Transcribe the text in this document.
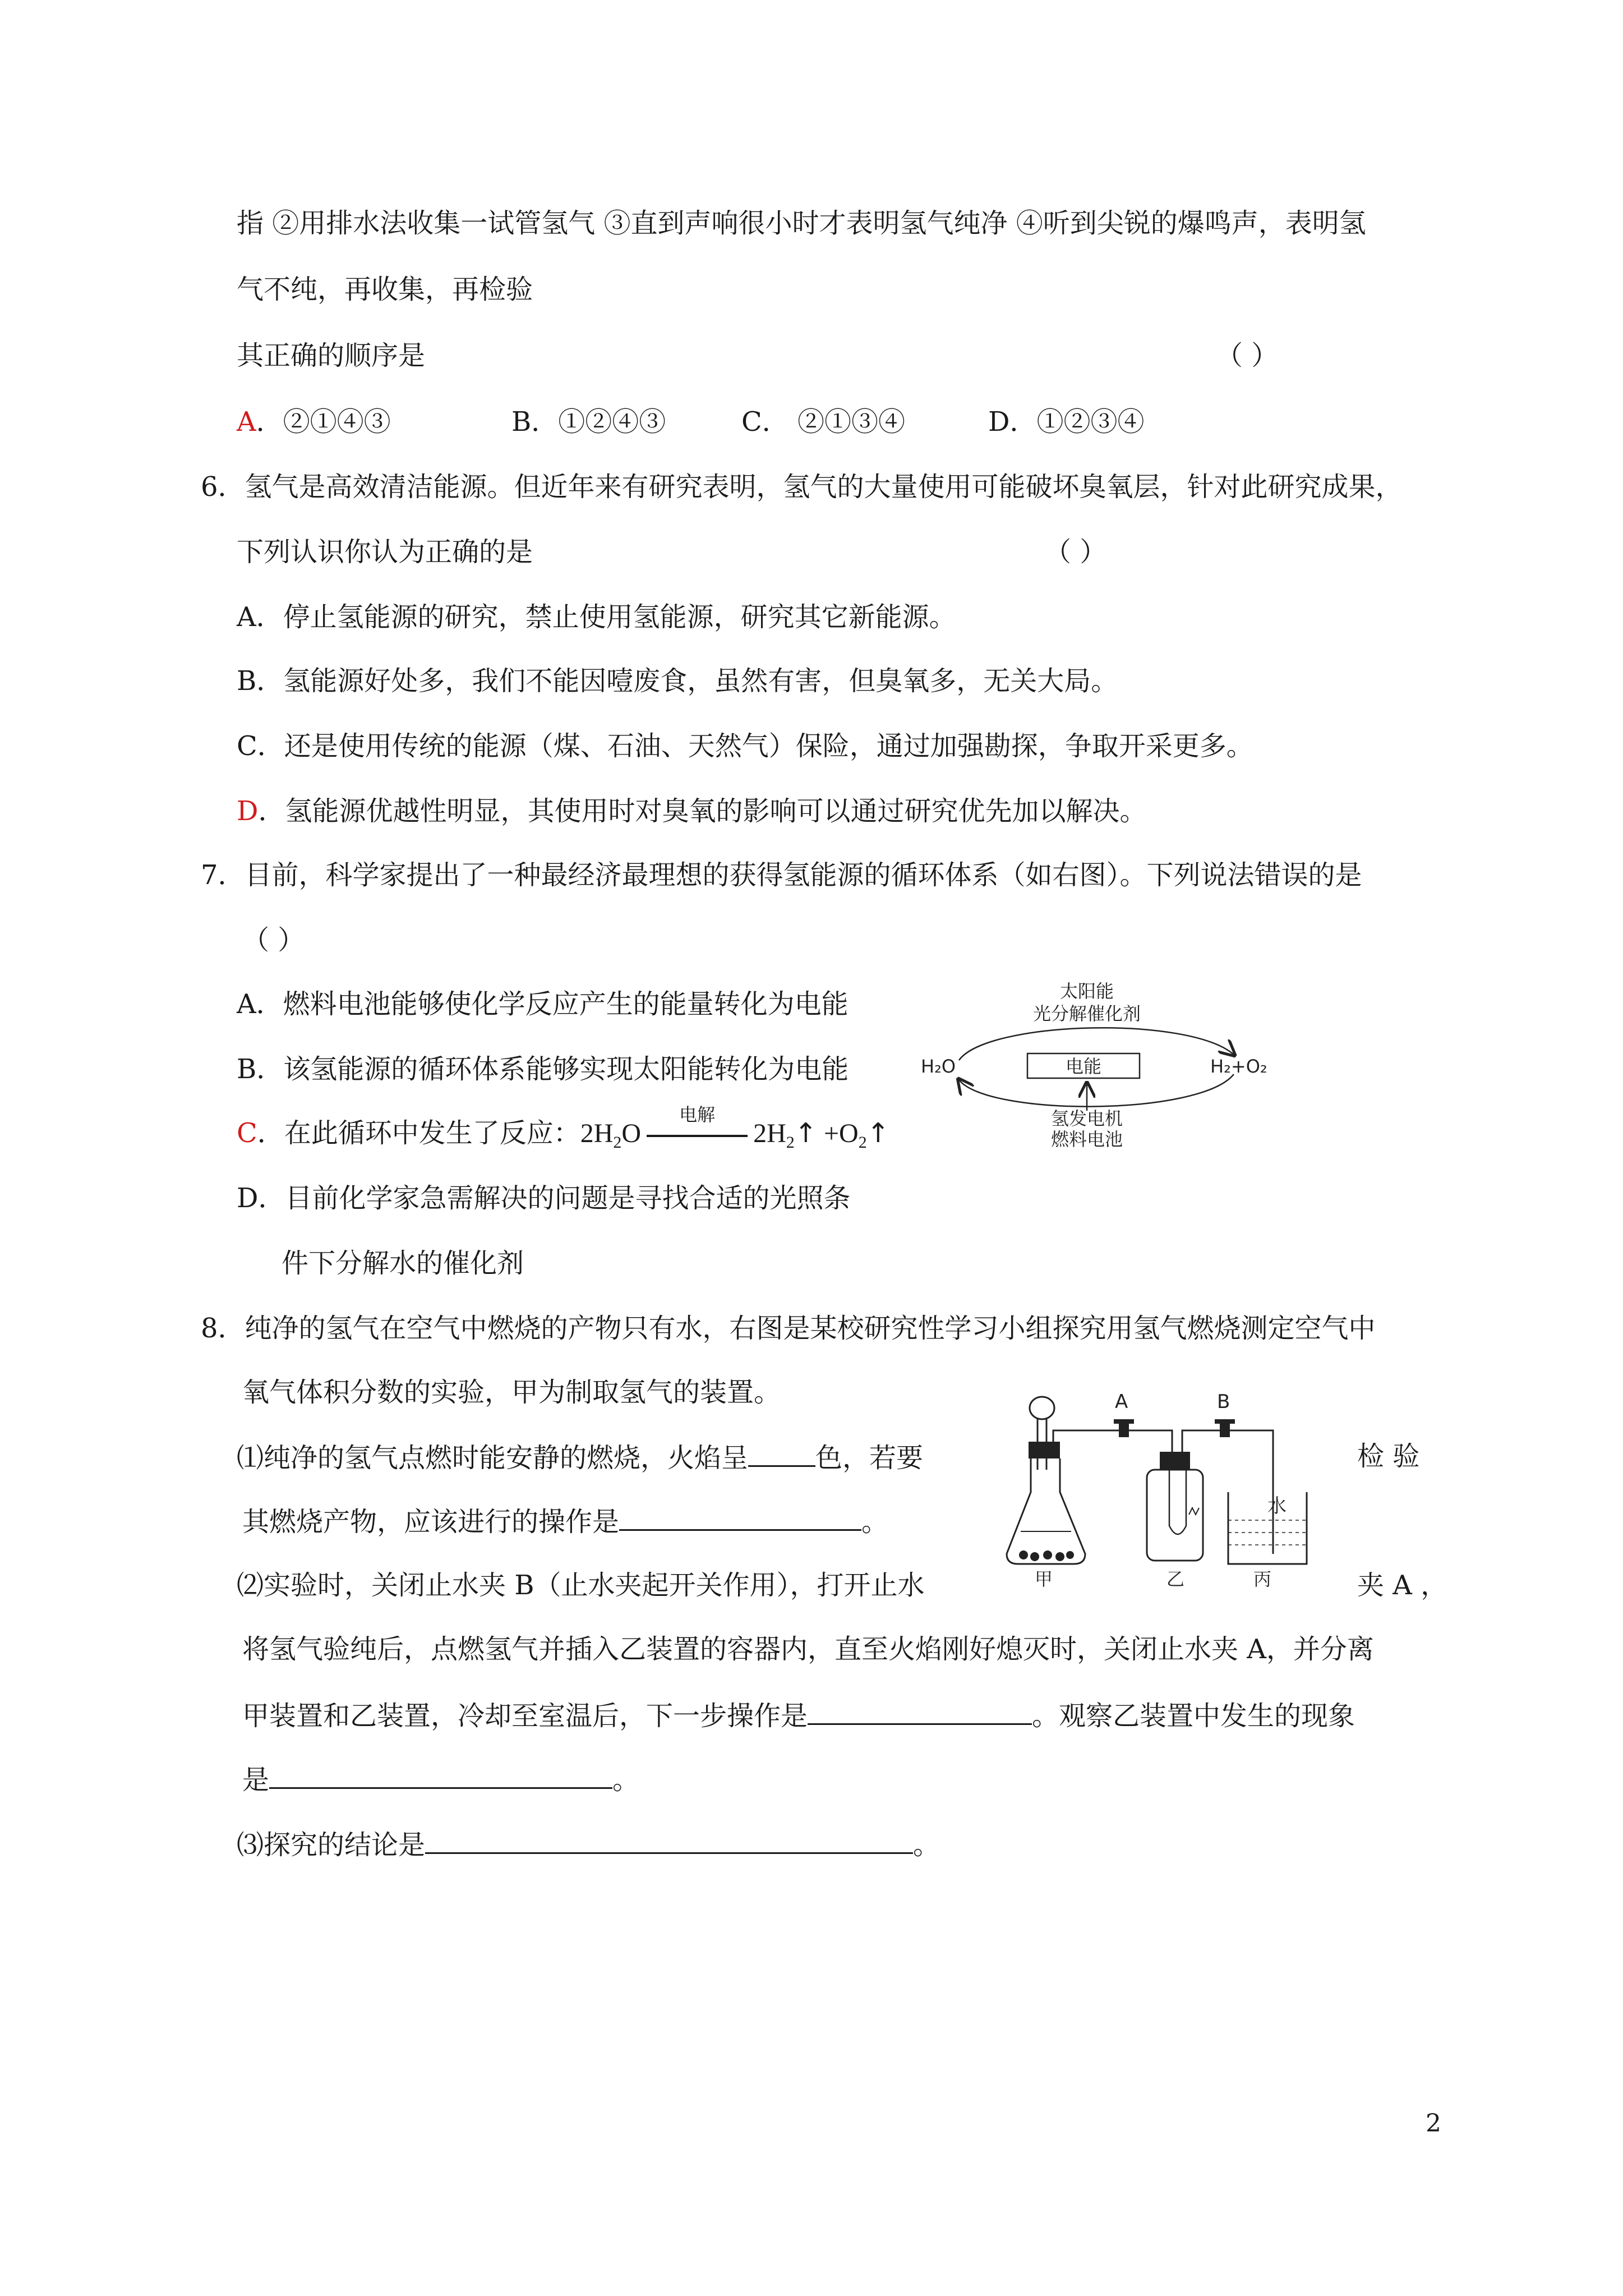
指 ②用排水法收集一试管氢气 ③直到声响很小时才表明氢气纯净 ④听到尖锐的爆鸣声，表明氢
气不纯，再收集，再检验
其正确的顺序是	（ ）
A．②①④③	B．①②④③	C． ②①③④	D．①②③④
6．氢气是高效清洁能源。但近年来有研究表明，氢气的大量使用可能破坏臭氧层，针对此研究成果，
下列认识你认为正确的是	（ ）
A．停止氢能源的研究，禁止使用氢能源，研究其它新能源。
B．氢能源好处多，我们不能因噎废食，虽然有害，但臭氧多，无关大局。
C．还是使用传统的能源（煤、石油、天然气）保险，通过加强勘探，争取开采更多。
D．氢能源优越性明显，其使用时对臭氧的影响可以通过研究优先加以解决。
7．目前，科学家提出了一种最经济最理想的获得氢能源的循环体系（如右图）。下列说法错误的是
（ ）
A．燃料电池能够使化学反应产生的能量转化为电能
B．该氢能源的循环体系能够实现太阳能转化为电能
C．在此循环中发生了反应：$2H_2O$
电解
$2H_2↑$ $+O_2↑$
D．目前化学家急需解决的问题是寻找合适的光照条
件下分解水的催化剂
太阳能
光分解催化剂
H₂O	电能	H₂+O₂
氢发电机
燃料电池
8．纯净的氢气在空气中燃烧的产物只有水，右图是某校研究性学习小组探究用氢气燃烧测定空气中
氧气体积分数的实验，甲为制取氢气的装置。
⑴纯净的氢气点燃时能安静的燃烧，火焰呈	色，若要	检 验
其燃烧产物，应该进行的操作是	。
⑵实验时，关闭止水夹 B（止水夹起开关作用），打开止水	夹 A ，
将氢气验纯后，点燃氢气并插入乙装置的容器内，直至火焰刚好熄灭时，关闭止水夹 A，并分离
甲装置和乙装置，冷却至室温后，下一步操作是	。观察乙装置中发生的现象
是	。
⑶探究的结论是	。
A	B
水
甲	乙	丙
2
